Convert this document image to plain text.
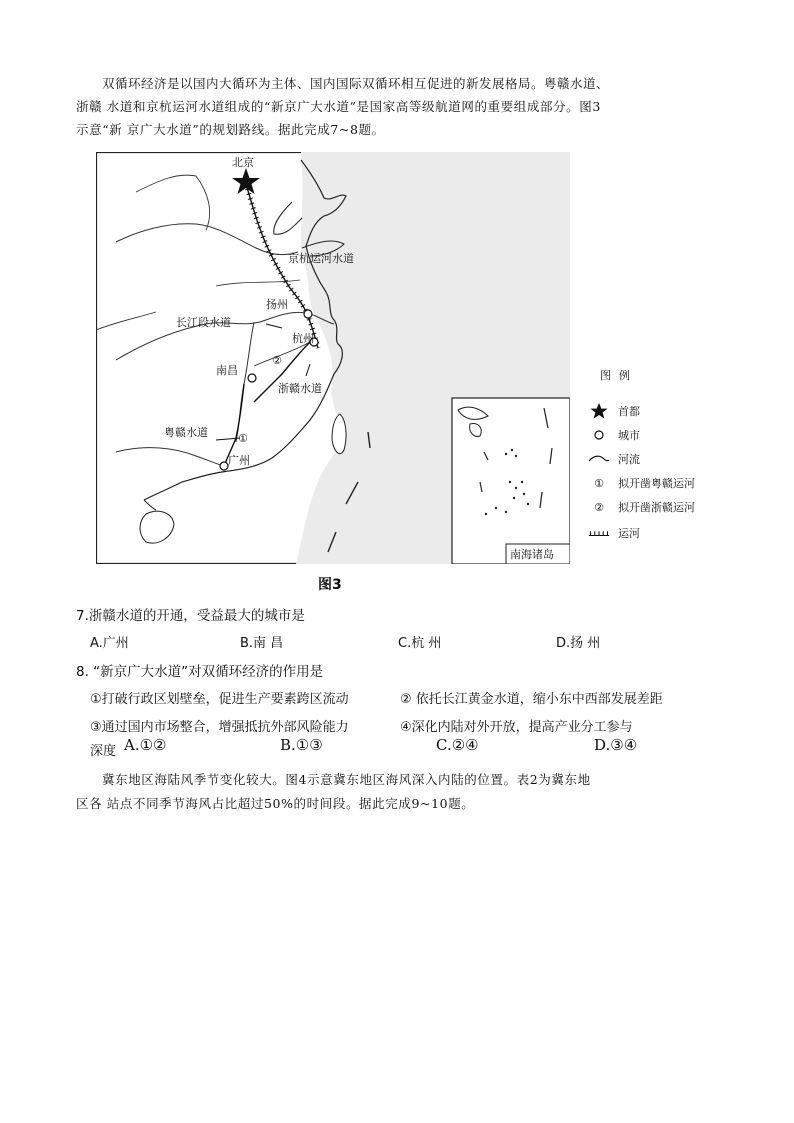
双循环经济是以国内大循环为主体、国内国际双循环相互促进的新发展格局。粤赣水道、
浙赣 水道和京杭运河水道组成的“新京广大水道”是国家高等级航道网的重要组成部分。图3
示意“新 京广大水道”的规划路线。据此完成7~8题。
北京
京杭运河水道
扬州
长江段水道
杭州
②
南昌
浙赣水道
粤赣水道	①
广州
南海诸岛
图例
首都
城市
河流
①	拟开凿粤赣运河
②	拟开凿浙赣运河
运河
图3
7.浙赣水道的开通，受益最大的城市是
A.广州	B.南 昌	C.杭 州	D.扬 州
8. “新京广大水道”对双循环经济的作用是
①打破行政区划壁垒，促进生产要素跨区流动	② 依托长江黄金水道，缩小东中西部发展差距
③通过国内市场整合，增强抵抗外部风险能力	④深化内陆对外开放，提高产业分工参与
深度 A.①②	B.①③	C.②④	D.③④
冀东地区海陆风季节变化较大。图4示意冀东地区海风深入内陆的位置。表2为冀东地
区各 站点不同季节海风占比超过50%的时间段。据此完成9~10题。
